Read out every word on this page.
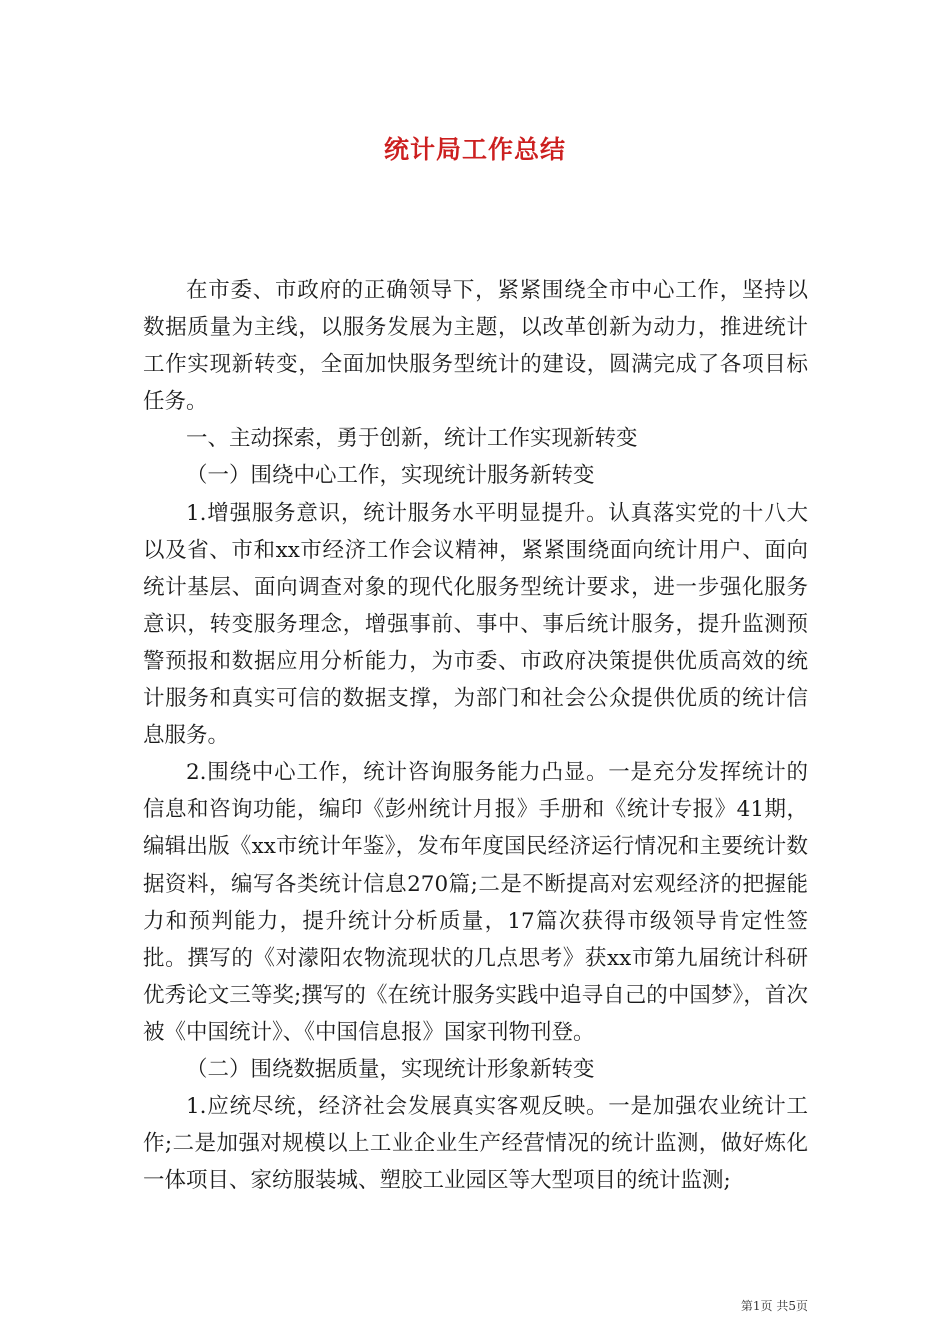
统计局工作总结

在市委、市政府的正确领导下，紧紧围绕全市中心工作，坚持以数据质量为主线，以服务发展为主题，以改革创新为动力，推进统计工作实现新转变，全面加快服务型统计的建设，圆满完成了各项目标任务。

一、主动探索，勇于创新，统计工作实现新转变

（一）围绕中心工作，实现统计服务新转变

1.增强服务意识，统计服务水平明显提升。认真落实党的十八大以及省、市和xx市经济工作会议精神，紧紧围绕面向统计用户、面向统计基层、面向调查对象的现代化服务型统计要求，进一步强化服务意识，转变服务理念，增强事前、事中、事后统计服务，提升监测预警预报和数据应用分析能力，为市委、市政府决策提供优质高效的统计服务和真实可信的数据支撑，为部门和社会公众提供优质的统计信息服务。

2.围绕中心工作，统计咨询服务能力凸显。一是充分发挥统计的信息和咨询功能，编印《彭州统计月报》手册和《统计专报》41期，编辑出版《xx市统计年鉴》，发布年度国民经济运行情况和主要统计数据资料，编写各类统计信息270篇;二是不断提高对宏观经济的把握能力和预判能力，提升统计分析质量，17篇次获得市级领导肯定性签批。撰写的《对濛阳农物流现状的几点思考》获xx市第九届统计科研优秀论文三等奖;撰写的《在统计服务实践中追寻自己的中国梦》，首次被《中国统计》、《中国信息报》国家刊物刊登。

（二）围绕数据质量，实现统计形象新转变

1.应统尽统，经济社会发展真实客观反映。一是加强农业统计工作;二是加强对规模以上工业企业生产经营情况的统计监测，做好炼化一体项目、家纺服装城、塑胶工业园区等大型项目的统计监测;

第1页 共5页
